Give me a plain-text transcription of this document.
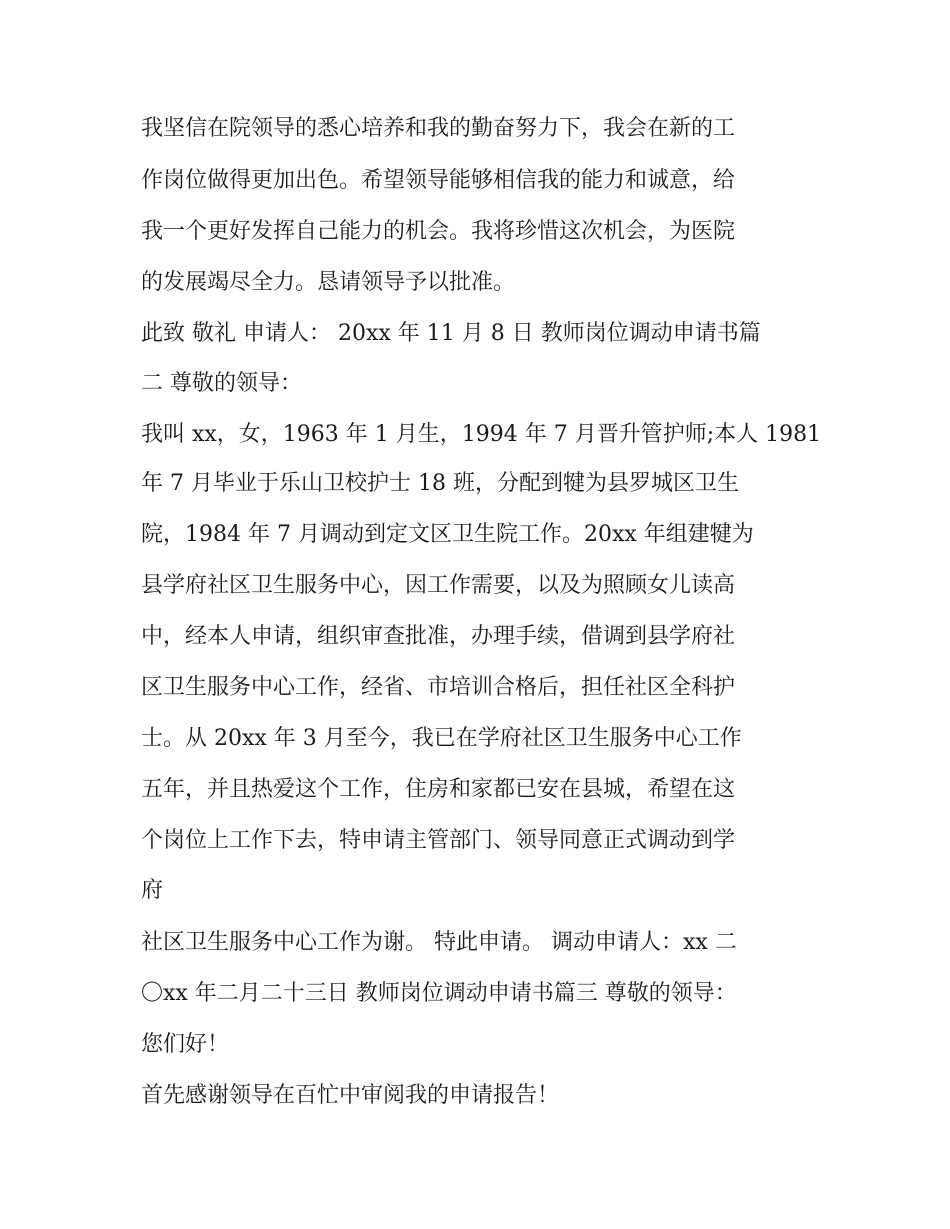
我坚信在院领导的悉心培养和我的勤奋努力下，我会在新的工

作岗位做得更加出色。希望领导能够相信我的能力和诚意，给

我一个更好发挥自己能力的机会。我将珍惜这次机会，为医院

的发展竭尽全力。恳请领导予以批准。

此致 敬礼 申请人： 20xx 年 11 月 8 日 教师岗位调动申请书篇

二 尊敬的领导：

我叫 xx，女，1963 年 1 月生，1994 年 7 月晋升管护师;本人 1981

年 7 月毕业于乐山卫校护士 18 班，分配到犍为县罗城区卫生

院，1984 年 7 月调动到定文区卫生院工作。20xx 年组建犍为

县学府社区卫生服务中心，因工作需要，以及为照顾女儿读高

中，经本人申请，组织审查批准，办理手续，借调到县学府社

区卫生服务中心工作，经省、市培训合格后，担任社区全科护

士。从 20xx 年 3 月至今，我已在学府社区卫生服务中心工作

五年，并且热爱这个工作，住房和家都已安在县城，希望在这

个岗位上工作下去，特申请主管部门、领导同意正式调动到学

府

社区卫生服务中心工作为谢。 特此申请。 调动申请人：xx 二

〇xx 年二月二十三日 教师岗位调动申请书篇三 尊敬的领导：

您们好！

首先感谢领导在百忙中审阅我的申请报告！
